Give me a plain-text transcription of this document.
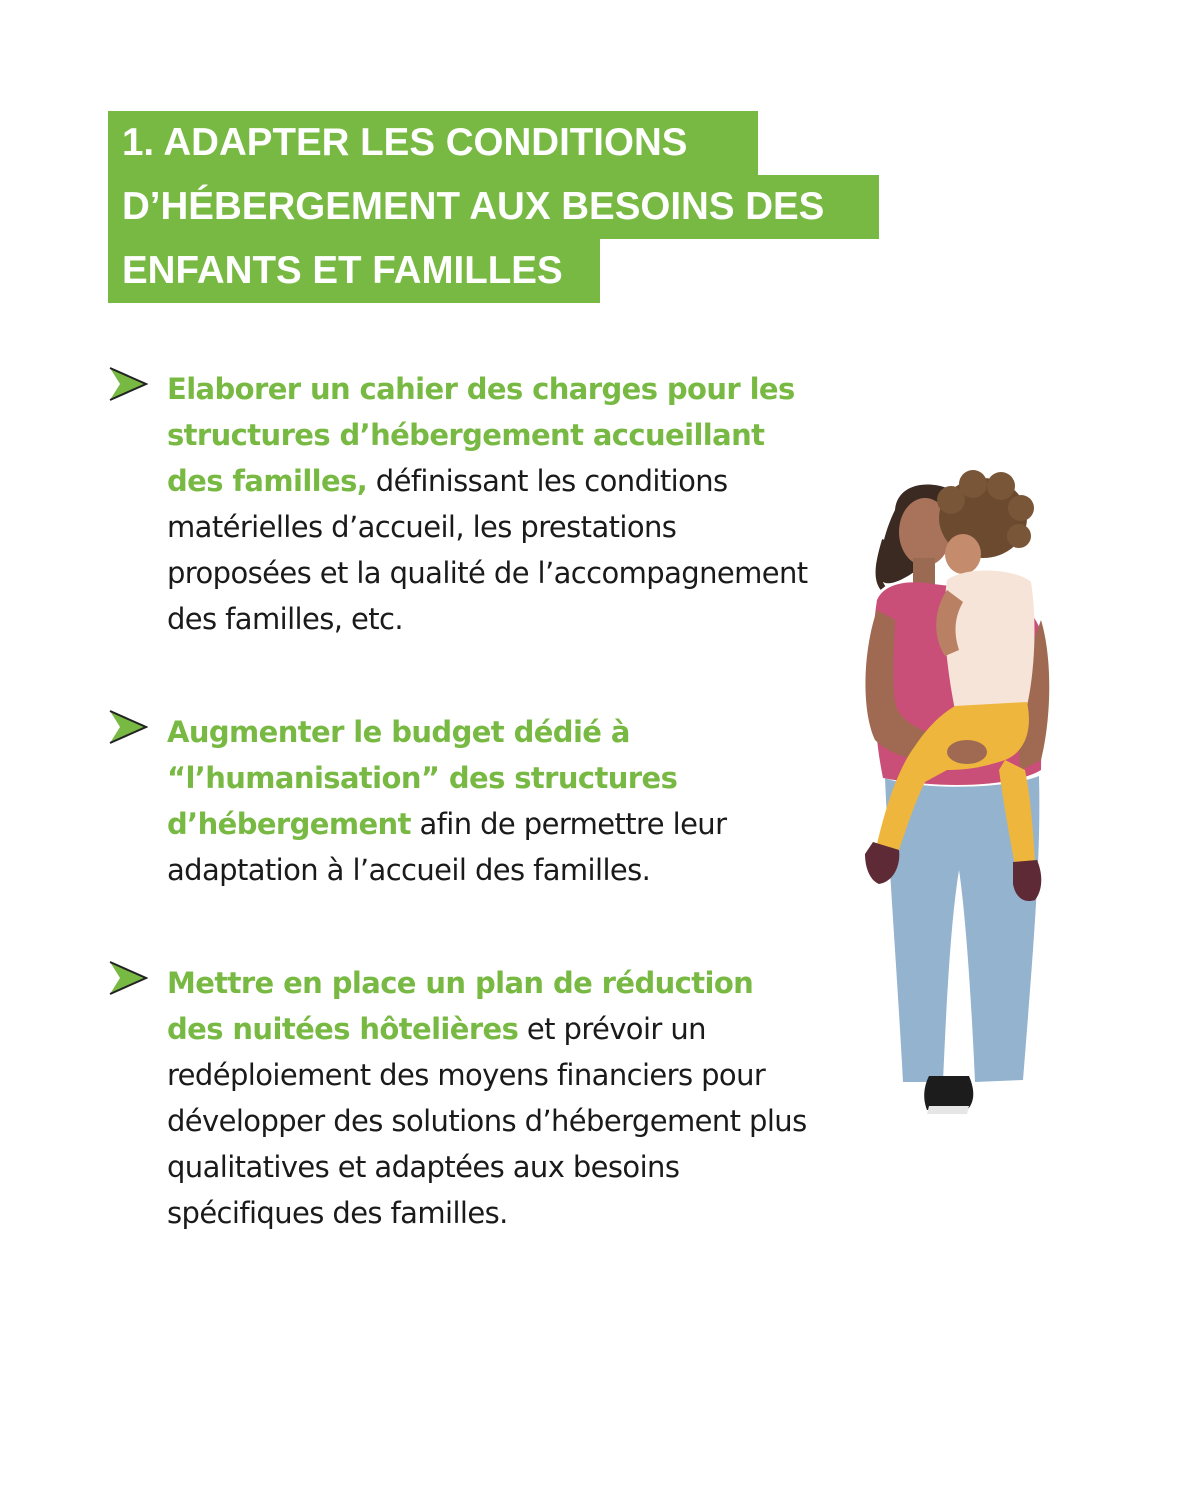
1. ADAPTER LES CONDITIONS
D’HÉBERGEMENT AUX BESOINS DES
ENFANTS ET FAMILLES
Elaborer un cahier des charges pour les structures d’hébergement accueillant des familles, définissant les conditions matérielles d’accueil, les prestations proposées et la qualité de l’accompagnement des familles, etc.
Augmenter le budget dédié à “l’humanisation” des structures d’hébergement afin de permettre leur adaptation à l’accueil des familles.
Mettre en place un plan de réduction des nuitées hôtelières et prévoir un redéploiement des moyens financiers pour développer des solutions d’hébergement plus qualitatives et adaptées aux besoins spécifiques des familles.
